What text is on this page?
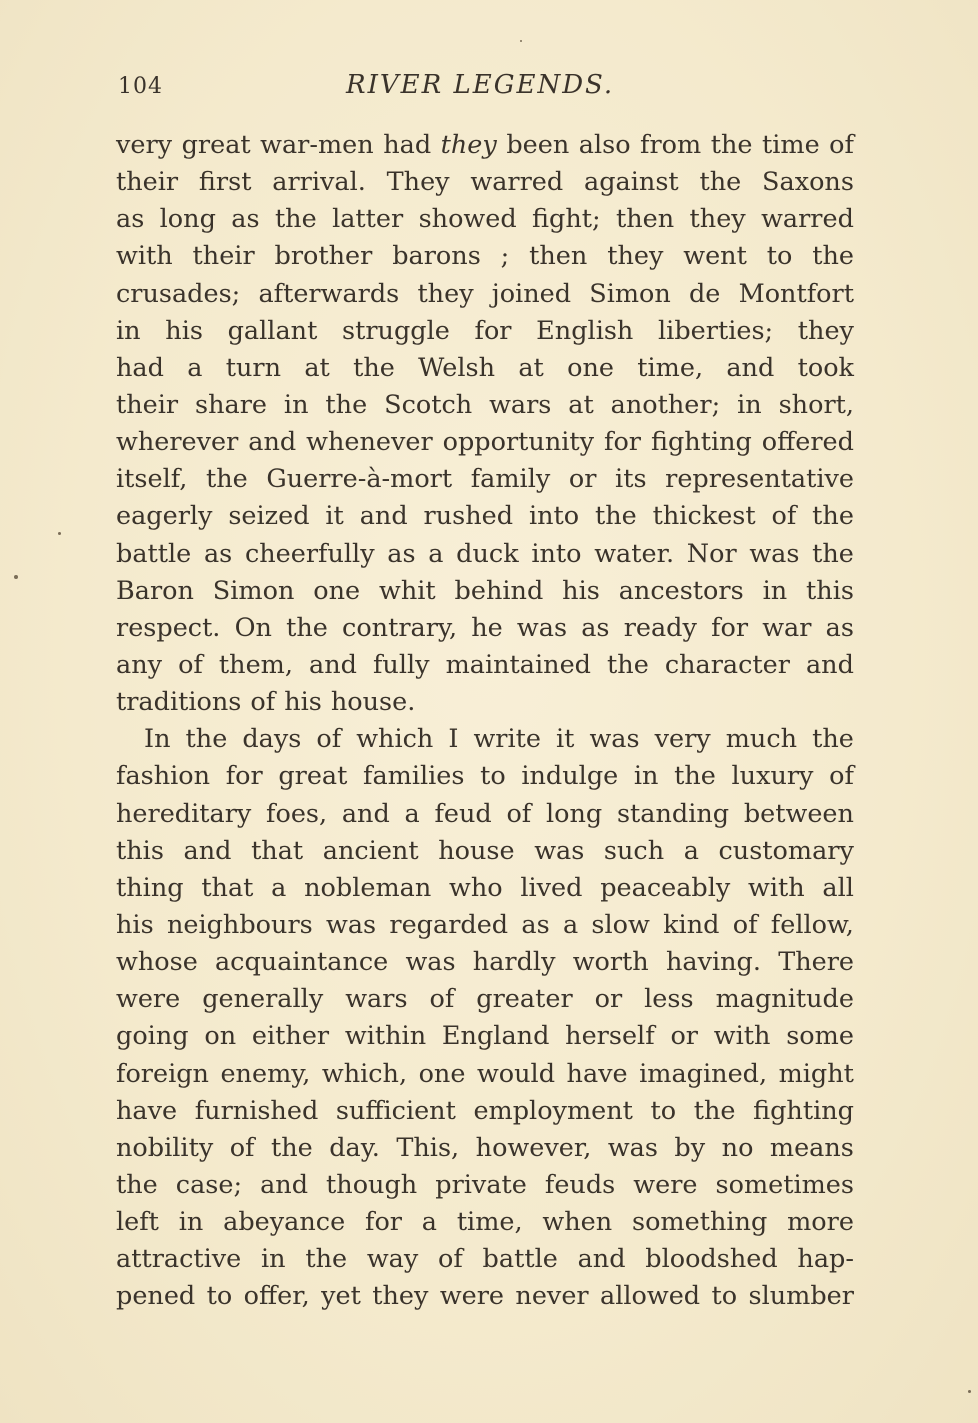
104	RIVER LEGENDS.
very great war-men had they been also from the time of
their first arrival. They warred against the Saxons
as long as the latter showed fight; then they warred
with their brother barons ; then they went to the
crusades; afterwards they joined Simon de Montfort
in his gallant struggle for English liberties; they
had a turn at the Welsh at one time, and took
their share in the Scotch wars at another; in short,
wherever and whenever opportunity for fighting offered
itself, the Guerre-à-mort family or its representative
eagerly seized it and rushed into the thickest of the
battle as cheerfully as a duck into water. Nor was the
Baron Simon one whit behind his ancestors in this
respect. On the contrary, he was as ready for war as
any of them, and fully maintained the character and
traditions of his house.
In the days of which I write it was very much the
fashion for great families to indulge in the luxury of
hereditary foes, and a feud of long standing between
this and that ancient house was such a customary
thing that a nobleman who lived peaceably with all
his neighbours was regarded as a slow kind of fellow,
whose acquaintance was hardly worth having. There
were generally wars of greater or less magnitude
going on either within England herself or with some
foreign enemy, which, one would have imagined, might
have furnished sufficient employment to the fighting
nobility of the day. This, however, was by no means
the case; and though private feuds were sometimes
left in abeyance for a time, when something more
attractive in the way of battle and bloodshed hap-
pened to offer, yet they were never allowed to slumber
